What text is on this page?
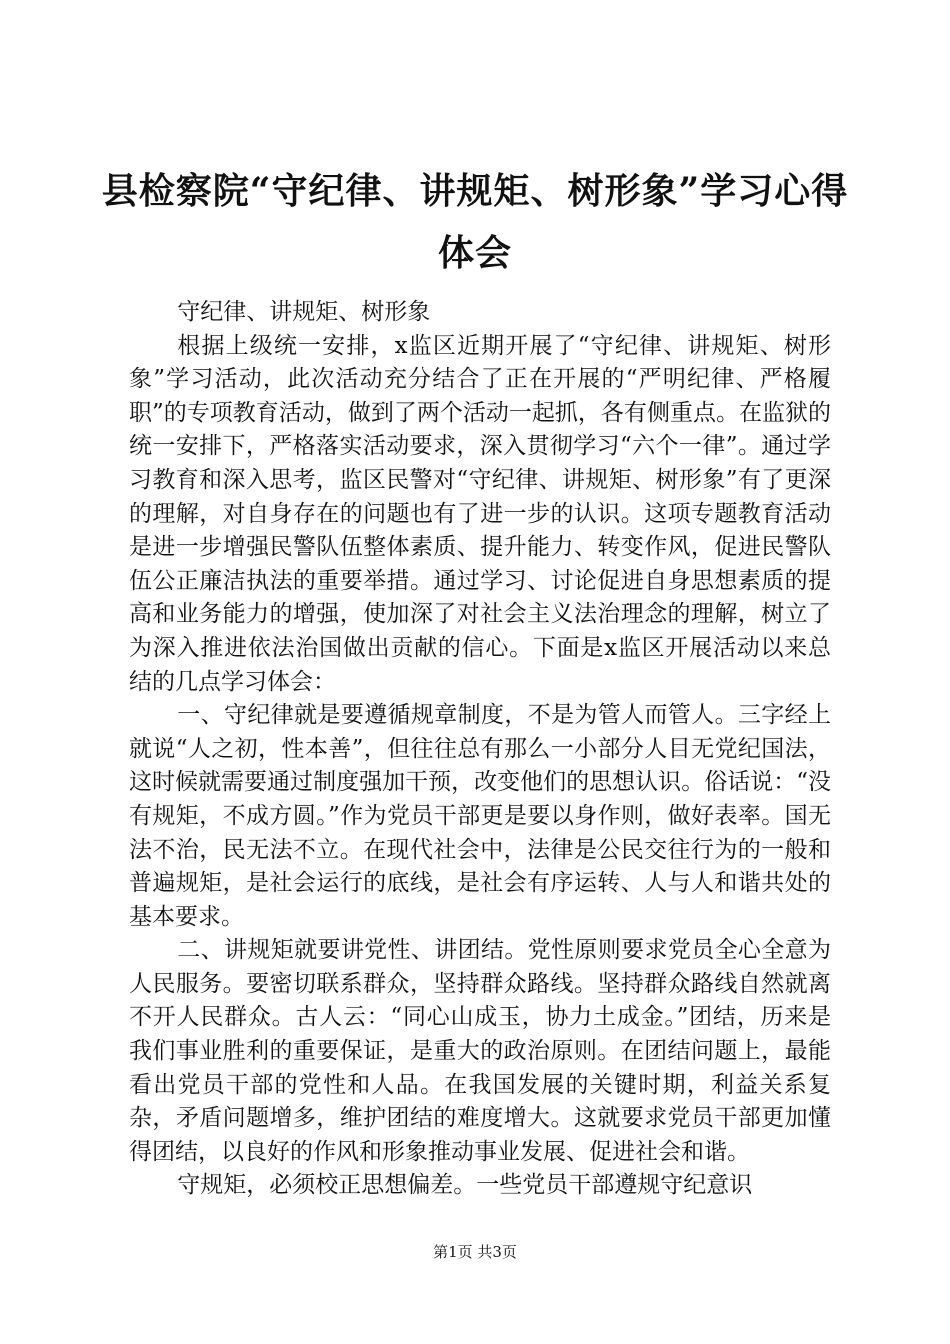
县检察院“守纪律、讲规矩、树形象”学习心得体会

守纪律、讲规矩、树形象

根据上级统一安排，x监区近期开展了“守纪律、讲规矩、树形象”学习活动，此次活动充分结合了正在开展的“严明纪律、严格履职”的专项教育活动，做到了两个活动一起抓，各有侧重点。在监狱的统一安排下，严格落实活动要求，深入贯彻学习“六个一律”。通过学习教育和深入思考，监区民警对“守纪律、讲规矩、树形象”有了更深的理解，对自身存在的问题也有了进一步的认识。这项专题教育活动是进一步增强民警队伍整体素质、提升能力、转变作风，促进民警队伍公正廉洁执法的重要举措。通过学习、讨论促进自身思想素质的提高和业务能力的增强，使加深了对社会主义法治理念的理解，树立了为深入推进依法治国做出贡献的信心。下面是x监区开展活动以来总结的几点学习体会：

一、守纪律就是要遵循规章制度，不是为管人而管人。三字经上就说“人之初，性本善”，但往往总有那么一小部分人目无党纪国法，这时候就需要通过制度强加干预，改变他们的思想认识。俗话说：“没有规矩，不成方圆。”作为党员干部更是要以身作则，做好表率。国无法不治，民无法不立。在现代社会中，法律是公民交往行为的一般和普遍规矩，是社会运行的底线，是社会有序运转、人与人和谐共处的基本要求。

二、讲规矩就要讲党性、讲团结。党性原则要求党员全心全意为人民服务。要密切联系群众，坚持群众路线。坚持群众路线自然就离不开人民群众。古人云：“同心山成玉，协力土成金。”团结，历来是我们事业胜利的重要保证，是重大的政治原则。在团结问题上，最能看出党员干部的党性和人品。在我国发展的关键时期，利益关系复杂，矛盾问题增多，维护团结的难度增大。这就要求党员干部更加懂得团结，以良好的作风和形象推动事业发展、促进社会和谐。

守规矩，必须校正思想偏差。一些党员干部遵规守纪意识

第1页 共3页
